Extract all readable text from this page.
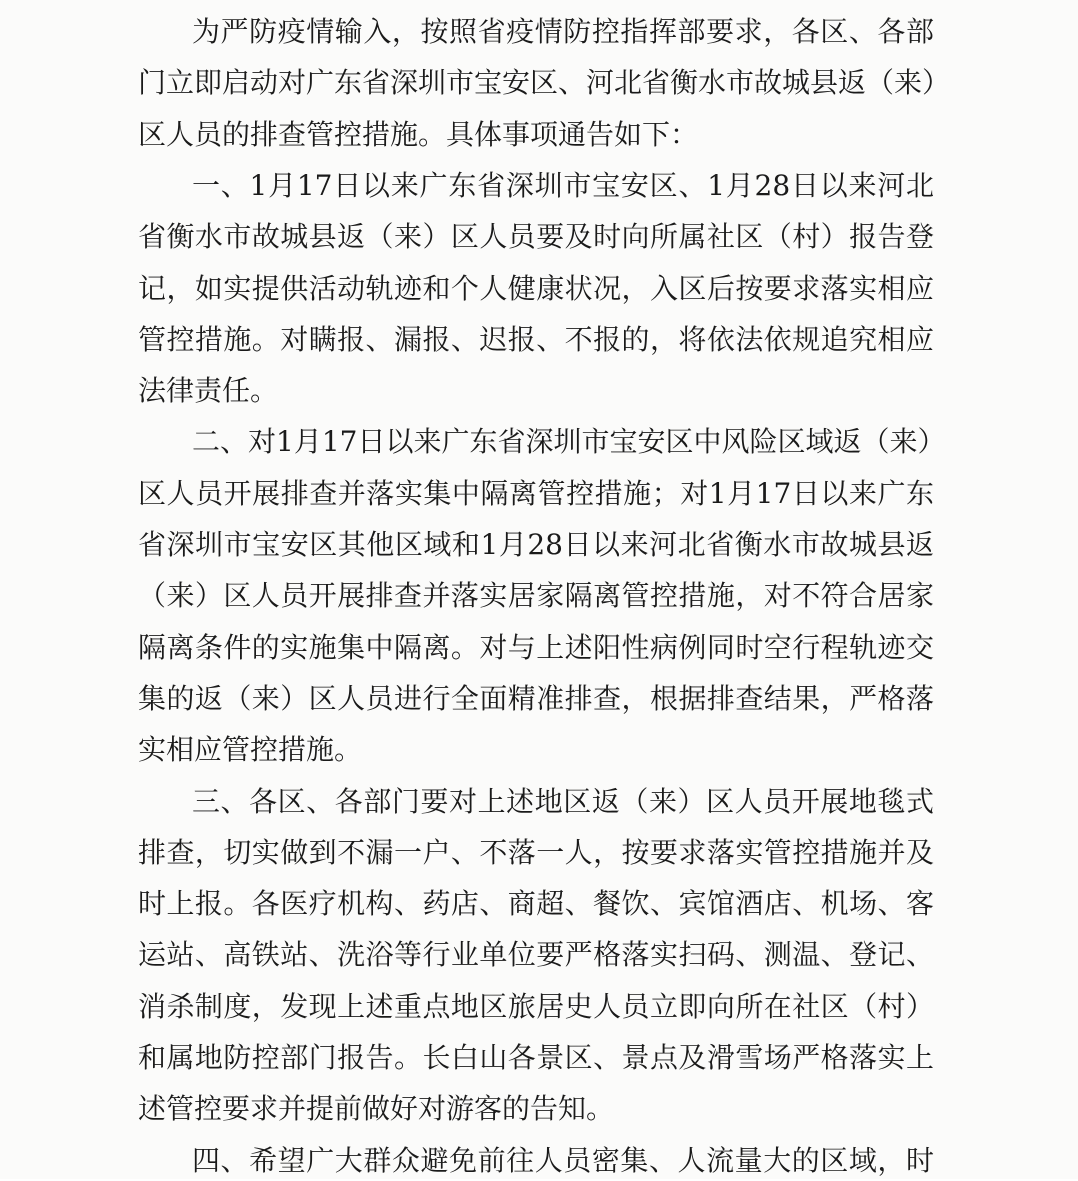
为严防疫情输入，按照省疫情防控指挥部要求，各区、各部
门立即启动对广东省深圳市宝安区、河北省衡水市故城县返（来）
区人员的排查管控措施。具体事项通告如下：
一、1月17日以来广东省深圳市宝安区、1月28日以来河北
省衡水市故城县返（来）区人员要及时向所属社区（村）报告登
记，如实提供活动轨迹和个人健康状况，入区后按要求落实相应
管控措施。对瞒报、漏报、迟报、不报的，将依法依规追究相应
法律责任。
二、对1月17日以来广东省深圳市宝安区中风险区域返（来）
区人员开展排查并落实集中隔离管控措施；对1月17日以来广东
省深圳市宝安区其他区域和1月28日以来河北省衡水市故城县返
（来）区人员开展排查并落实居家隔离管控措施，对不符合居家
隔离条件的实施集中隔离。对与上述阳性病例同时空行程轨迹交
集的返（来）区人员进行全面精准排查，根据排查结果，严格落
实相应管控措施。
三、各区、各部门要对上述地区返（来）区人员开展地毯式
排查，切实做到不漏一户、不落一人，按要求落实管控措施并及
时上报。各医疗机构、药店、商超、餐饮、宾馆酒店、机场、客
运站、高铁站、洗浴等行业单位要严格落实扫码、测温、登记、
消杀制度，发现上述重点地区旅居史人员立即向所在社区（村）
和属地防控部门报告。长白山各景区、景点及滑雪场严格落实上
述管控要求并提前做好对游客的告知。
四、希望广大群众避免前往人员密集、人流量大的区域，时
